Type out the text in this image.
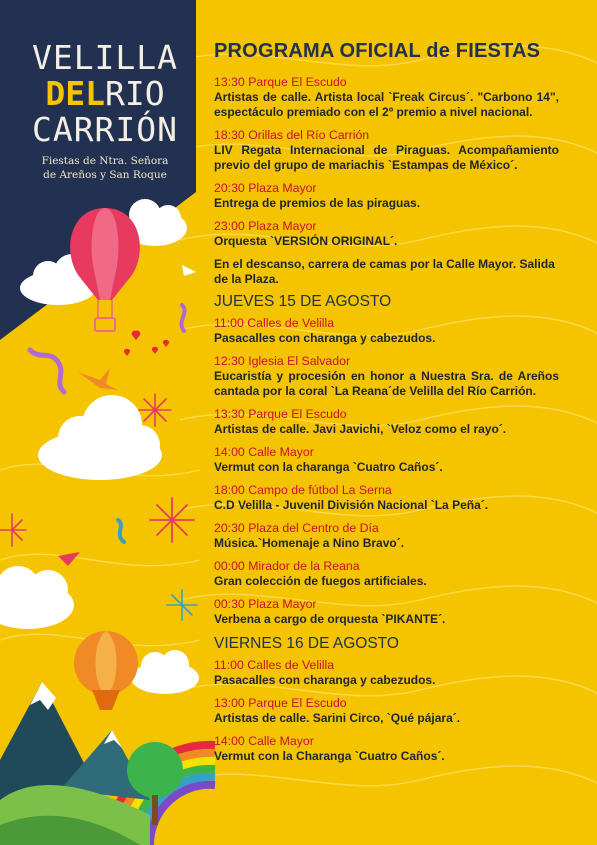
VELILLA
DELRIO
CARRIÓN
Fiestas de Ntra. Señora
de Areños y San Roque
PROGRAMA OFICIAL de FIESTAS
13:30 Parque El Escudo
Artistas de calle. Artista local `Freak Circus´. "Carbono 14", espectáculo premiado con el 2º premio a nivel nacional.
18:30 Orillas del Río Carrión
LIV Regata Internacional de Piraguas. Acompañamiento previo del grupo de mariachis `Estampas de México´.
20:30 Plaza Mayor
Entrega de premios de las piraguas.
23:00 Plaza Mayor
Orquesta `VERSIÓN ORIGINAL´.
En el descanso, carrera de camas por la Calle Mayor. Salida de la Plaza.
JUEVES 15 DE AGOSTO
11:00 Calles de Velilla
Pasacalles con charanga y cabezudos.
12:30 Iglesia El Salvador
Eucaristía y procesión en honor a Nuestra Sra. de Areños cantada por la coral `La Reana´de Velilla del Río Carrión.
13:30 Parque El Escudo
Artistas de calle. Javi Javichi, `Veloz como el rayo´.
14:00 Calle Mayor
Vermut con la charanga `Cuatro Caños´.
18:00 Campo de fútbol La Serna
C.D Velilla - Juvenil División Nacional `La Peña´.
20:30 Plaza del Centro de Día
Música.`Homenaje a Nino Bravo´.
00:00 Mirador de la Reana
Gran colección de fuegos artificiales.
00:30 Plaza Mayor
Verbena a cargo de orquesta `PIKANTE´.
VIERNES 16 DE AGOSTO
11:00 Calles de Velilla
Pasacalles con charanga y cabezudos.
13:00 Parque El Escudo
Artistas de calle. Sarini Circo, `Qué pájara´.
14:00 Calle Mayor
Vermut con la Charanga `Cuatro Caños´.
